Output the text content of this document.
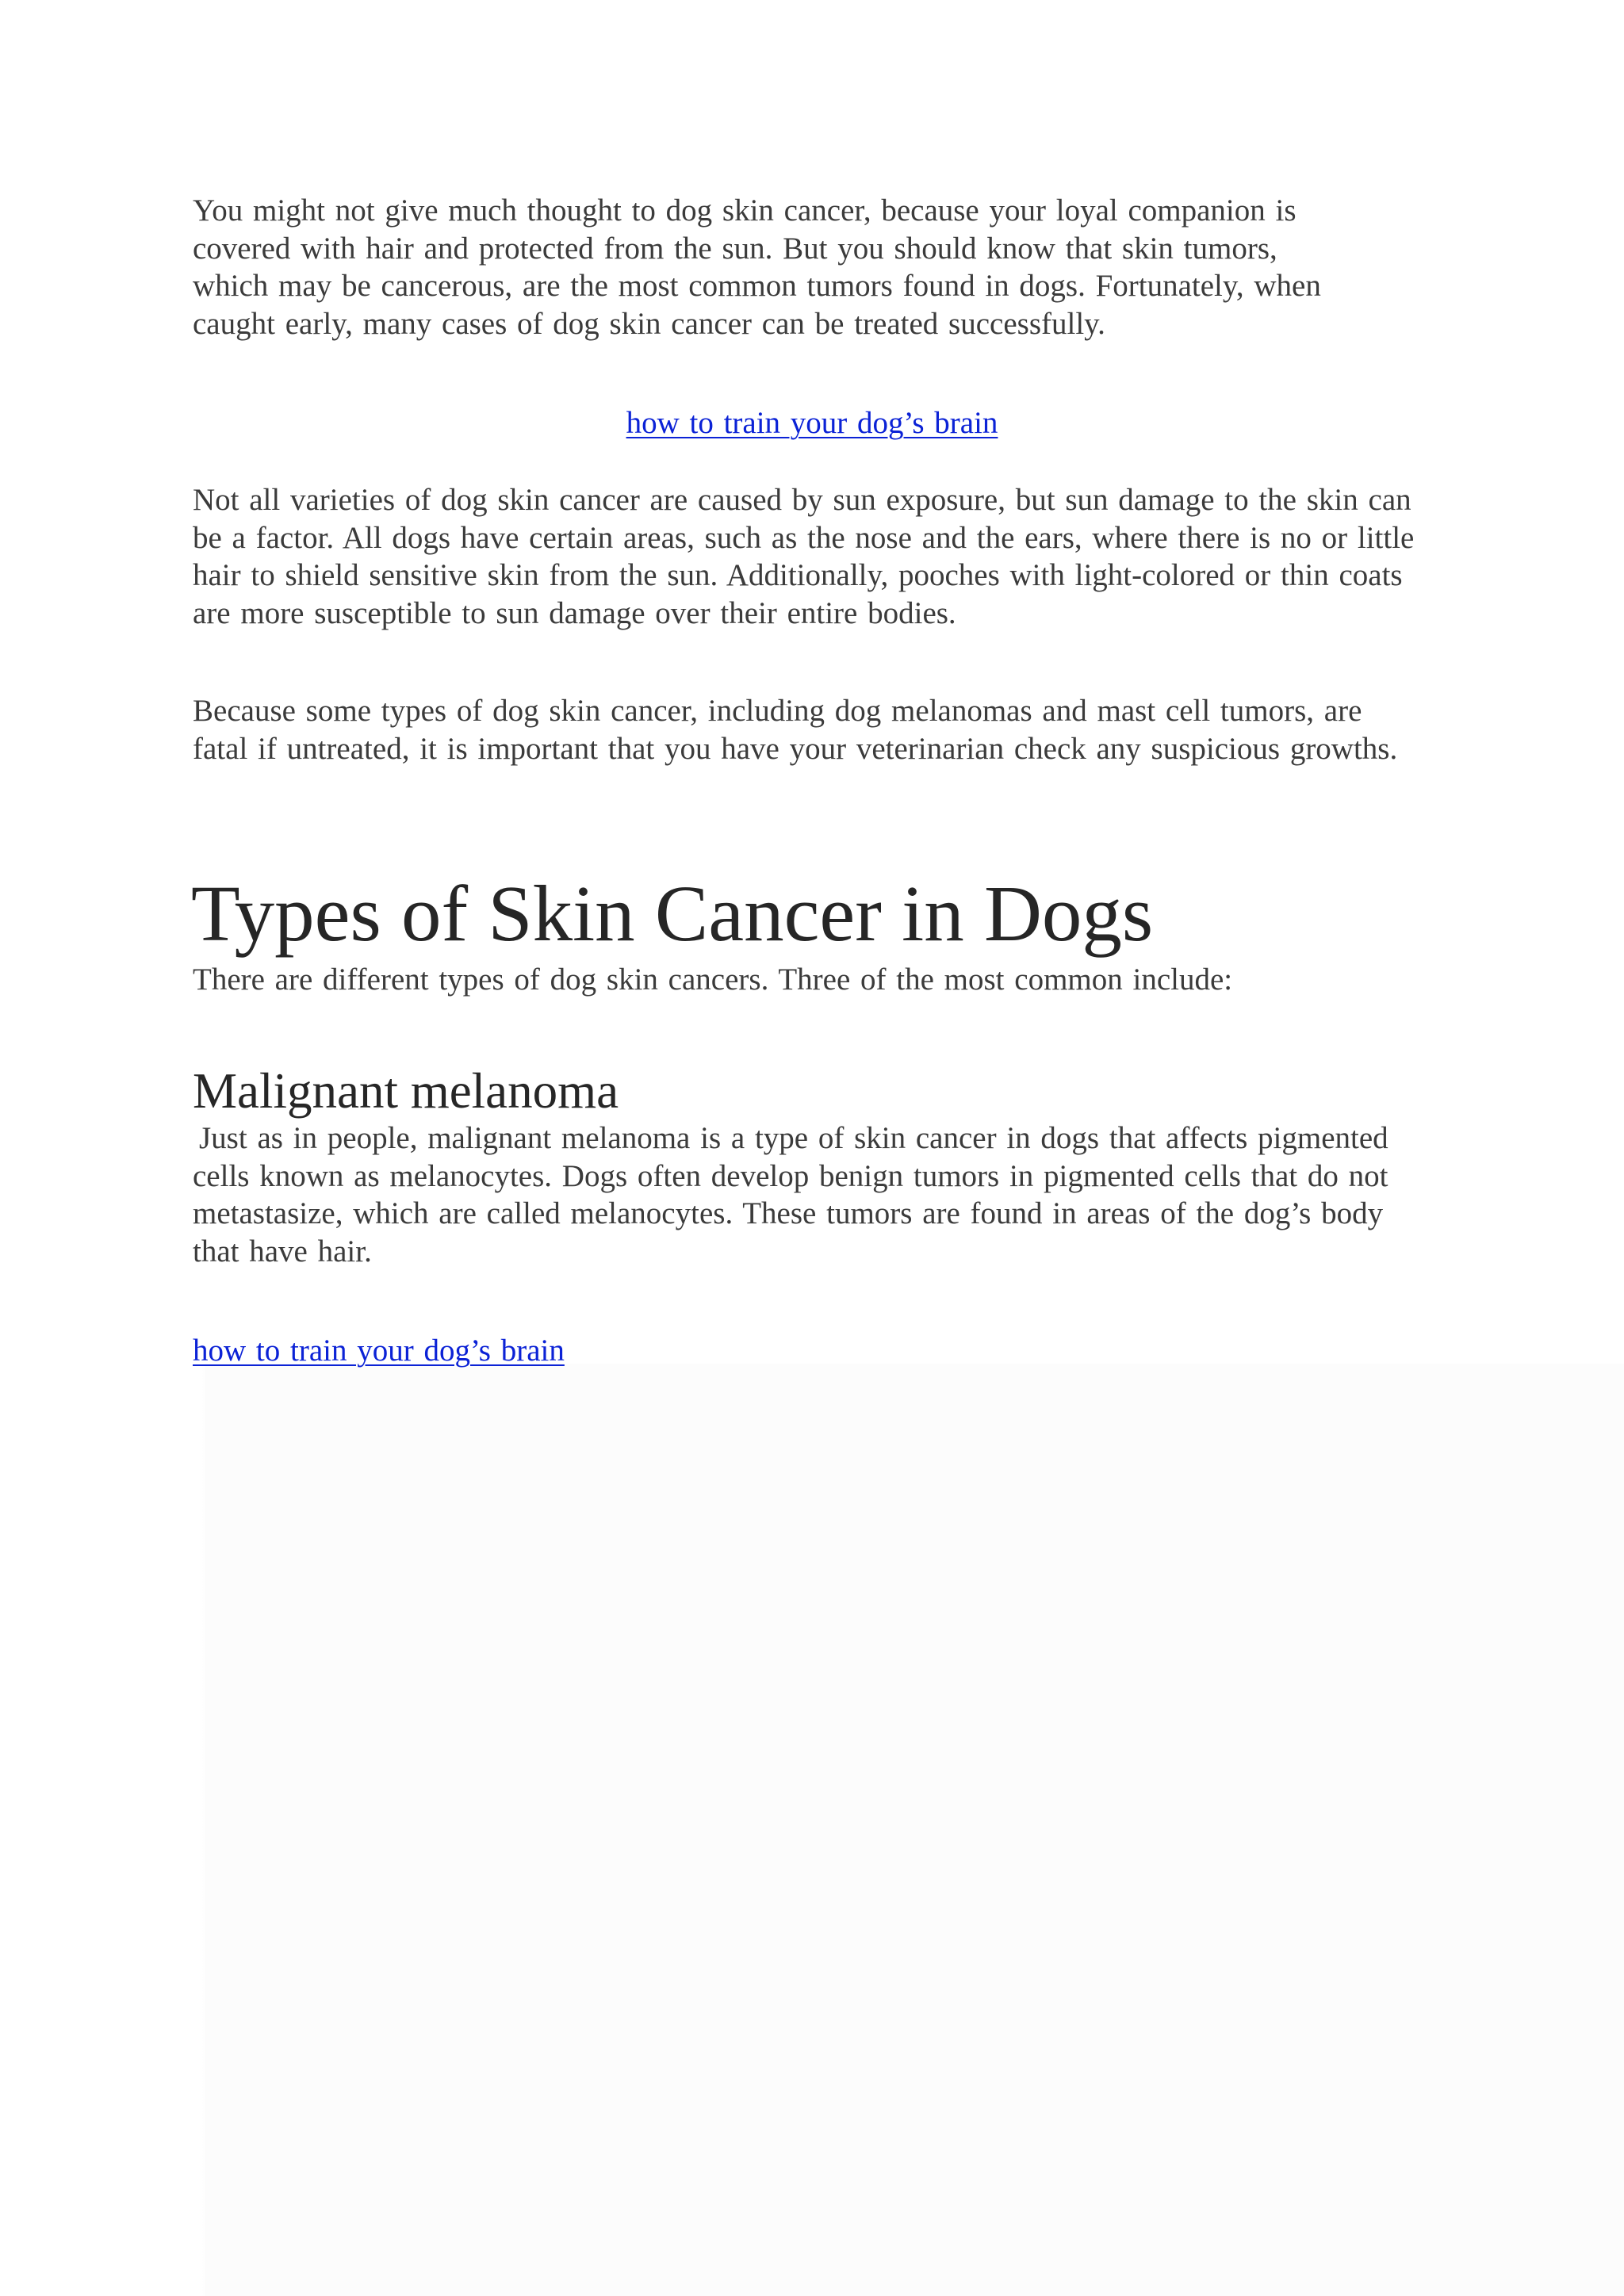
You might not give much thought to dog skin cancer, because your loyal companion is covered with hair and protected from the sun. But you should know that skin tumors, which may be cancerous, are the most common tumors found in dogs. Fortunately, when caught early, many cases of dog skin cancer can be treated successfully.

how to train your dog’s brain

Not all varieties of dog skin cancer are caused by sun exposure, but sun damage to the skin can be a factor. All dogs have certain areas, such as the nose and the ears, where there is no or little hair to shield sensitive skin from the sun. Additionally, pooches with light-colored or thin coats are more susceptible to sun damage over their entire bodies.

Because some types of dog skin cancer, including dog melanomas and mast cell tumors, are fatal if untreated, it is important that you have your veterinarian check any suspicious growths.

Types of Skin Cancer in Dogs

There are different types of dog skin cancers. Three of the most common include:

Malignant melanoma

Just as in people, malignant melanoma is a type of skin cancer in dogs that affects pigmented cells known as melanocytes. Dogs often develop benign tumors in pigmented cells that do not metastasize, which are called melanocytes. These tumors are found in areas of the dog’s body that have hair.

how to train your dog’s brain
